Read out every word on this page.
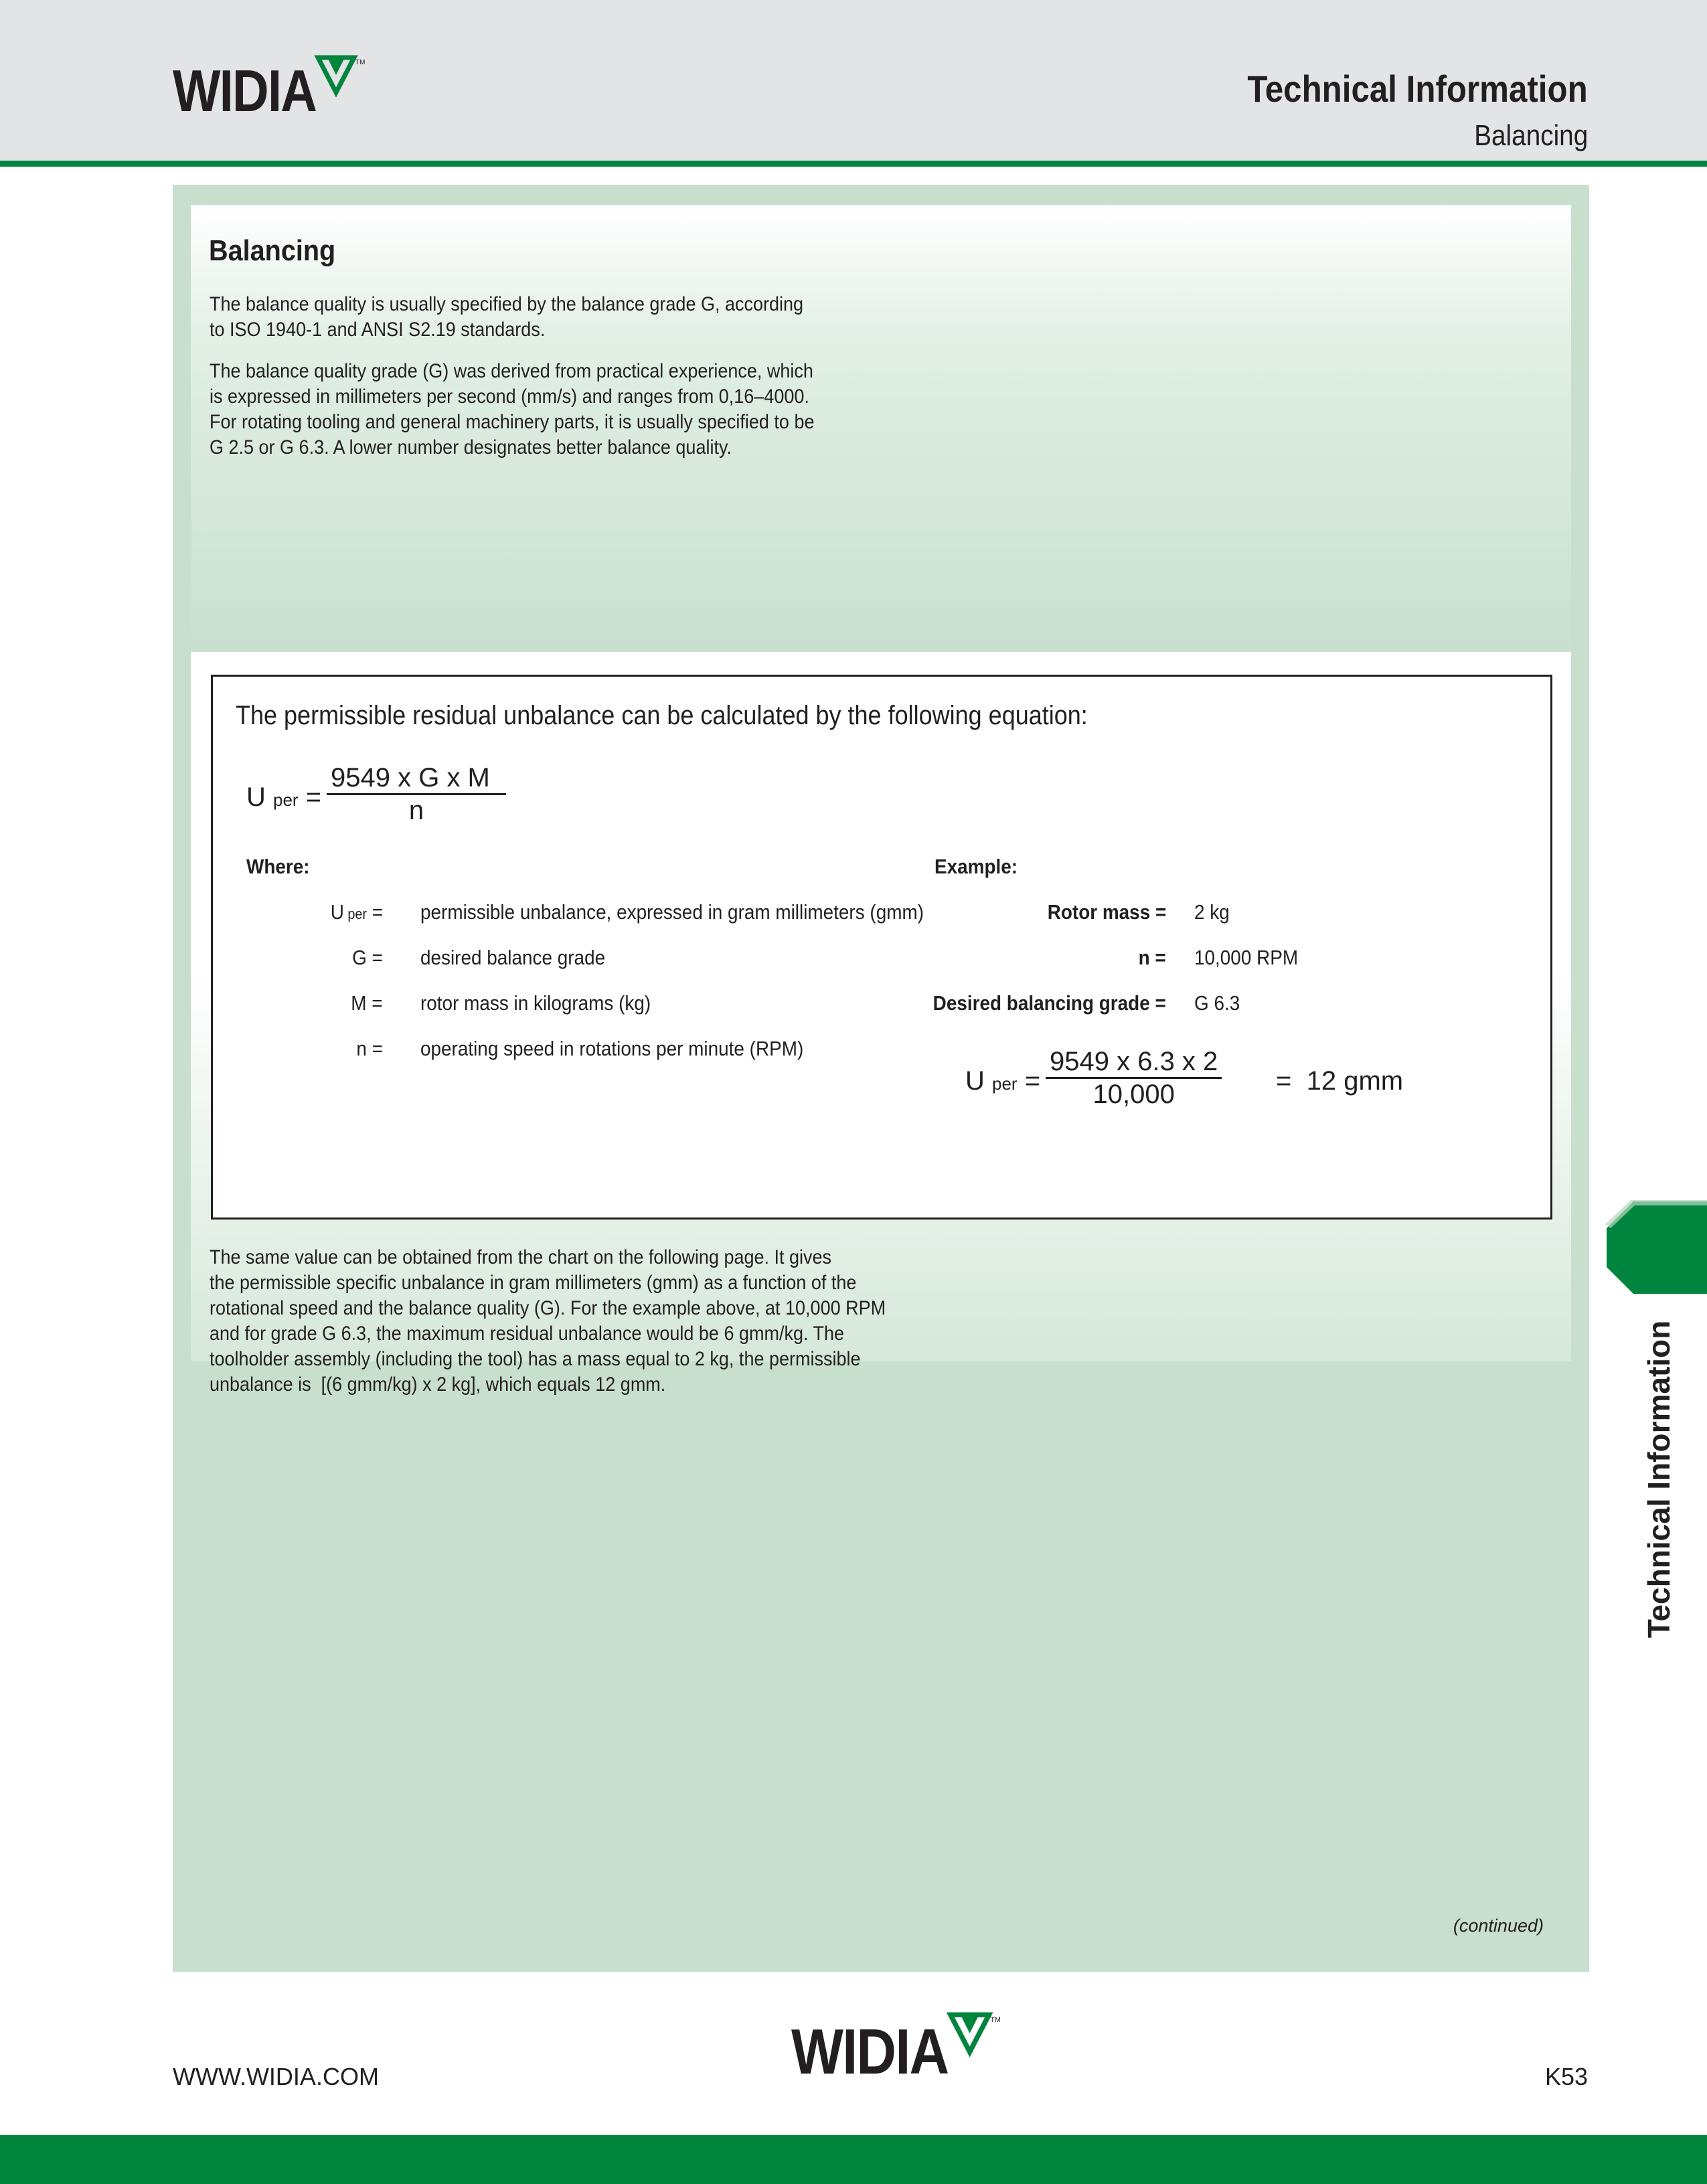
WIDIA	TM
Technical Information
Balancing
Balancing

The balance quality is usually specified by the balance grade G, according

to ISO 1940-1 and ANSI S2.19 standards.

The balance quality grade (G) was derived from practical experience, which

is expressed in millimeters per second (mm/s) and ranges from 0,16–4000.

For rotating tooling and general machinery parts, it is usually specified to be

G 2.5 or G 6.3. A lower number designates better balance quality.

The permissible residual unbalance can be calculated by the following equation:
U per = $\frac{\text{9549 x G x M}}{n}$
Where:
U per = permissible unbalance, expressed in gram millimeters (gmm)
G = desired balance grade
M = rotor mass in kilograms (kg)
n = operating speed in rotations per minute (RPM)
Example:
Rotor mass = 2 kg
n = 10,000 RPM
Desired balancing grade = G 6.3
U per = $\frac{9549 x 6.3 x 2}{10,000} = 12$ gmm

The same value can be obtained from the chart on the following page. It gives

the permissible specific unbalance in gram millimeters (gmm) as a function of the

rotational speed and the balance quality (G). For the example above, at 10,000 RPM

and for grade G 6.3, the maximum residual unbalance would be 6 gmm/kg. The

toolholder assembly (including the tool) has a mass equal to 2 kg, the permissible

unbalance is  [(6 gmm/kg) x 2 kg], which equals 12 gmm.

(continued)
Technical Information
WWW.WIDIA.COM	WIDIA	TM
K53
